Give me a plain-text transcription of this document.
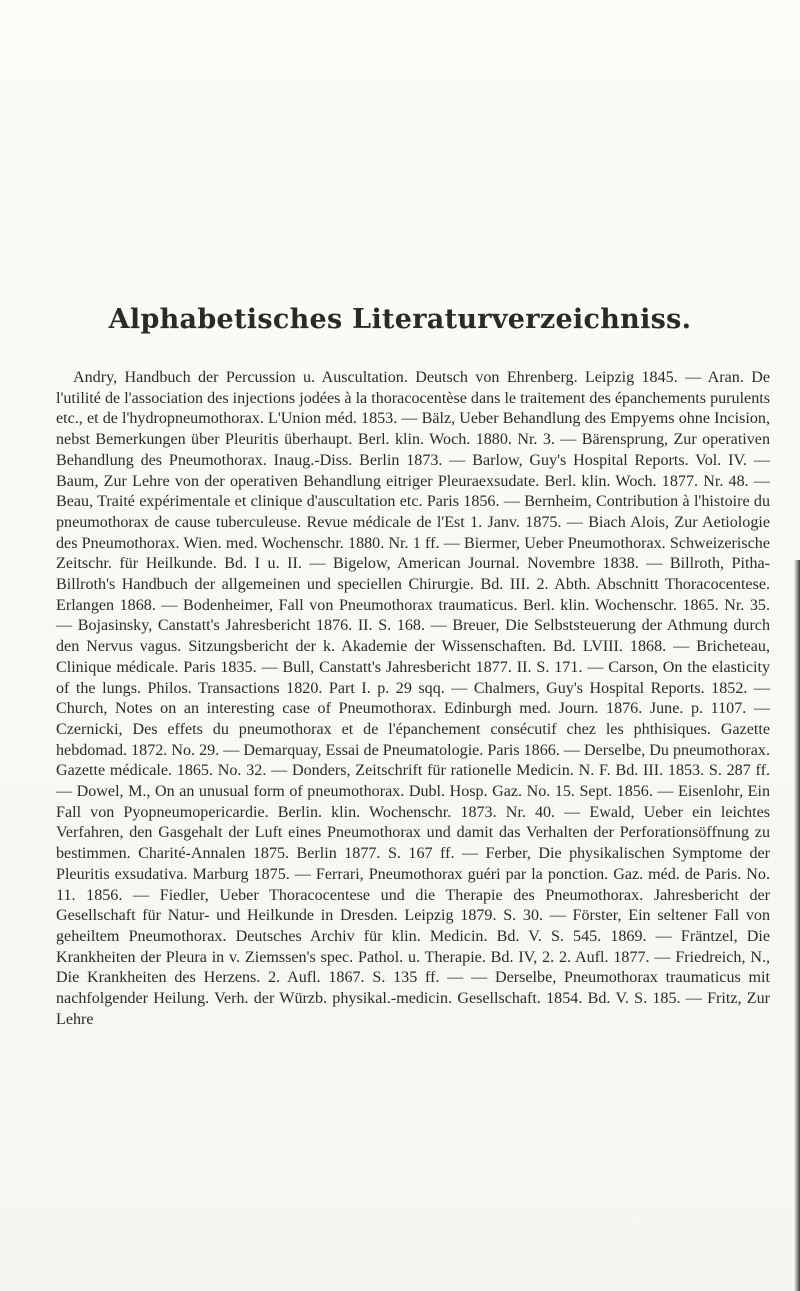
Alphabetisches Literaturverzeichniss.

Andry, Handbuch der Percussion u. Auscultation. Deutsch von Ehrenberg. Leipzig 1845. — Aran. De l'utilité de l'association des injections jodées à la thoracocentèse dans le traitement des épanchements purulents etc., et de l'hydropneumothorax. L'Union méd. 1853. — Bälz, Ueber Behandlung des Empyems ohne Incision, nebst Bemerkungen über Pleuritis überhaupt. Berl. klin. Woch. 1880. Nr. 3. — Bärensprung, Zur operativen Behandlung des Pneumothorax. Inaug.-Diss. Berlin 1873. — Barlow, Guy's Hospital Reports. Vol. IV. — Baum, Zur Lehre von der operativen Behandlung eitriger Pleuraexsudate. Berl. klin. Woch. 1877. Nr. 48. — Beau, Traité expérimentale et clinique d'auscultation etc. Paris 1856. — Bernheim, Contribution à l'histoire du pneumothorax de cause tuberculeuse. Revue médicale de l'Est 1. Janv. 1875. — Biach Alois, Zur Aetiologie des Pneumothorax. Wien. med. Wochenschr. 1880. Nr. 1 ff. — Biermer, Ueber Pneumothorax. Schweizerische Zeitschr. für Heilkunde. Bd. I u. II. — Bigelow, American Journal. Novembre 1838. — Billroth, Pitha-Billroth's Handbuch der allgemeinen und speciellen Chirurgie. Bd. III. 2. Abth. Abschnitt Thoracocentese. Erlangen 1868. — Bodenheimer, Fall von Pneumothorax traumaticus. Berl. klin. Wochenschr. 1865. Nr. 35. — Bojasinsky, Canstatt's Jahresbericht 1876. II. S. 168. — Breuer, Die Selbststeuerung der Athmung durch den Nervus vagus. Sitzungsbericht der k. Akademie der Wissenschaften. Bd. LVIII. 1868. — Bricheteau, Clinique médicale. Paris 1835. — Bull, Canstatt's Jahresbericht 1877. II. S. 171. — Carson, On the elasticity of the lungs. Philos. Transactions 1820. Part I. p. 29 sqq. — Chalmers, Guy's Hospital Reports. 1852. — Church, Notes on an interesting case of Pneumothorax. Edinburgh med. Journ. 1876. June. p. 1107. — Czernicki, Des effets du pneumothorax et de l'épanchement consécutif chez les phthisiques. Gazette hebdomad. 1872. No. 29. — Demarquay, Essai de Pneumatologie. Paris 1866. — Derselbe, Du pneumothorax. Gazette médicale. 1865. No. 32. — Donders, Zeitschrift für rationelle Medicin. N. F. Bd. III. 1853. S. 287 ff. — Dowel, M., On an unusual form of pneumothorax. Dubl. Hosp. Gaz. No. 15. Sept. 1856. — Eisenlohr, Ein Fall von Pyopneumopericardie. Berlin. klin. Wochenschr. 1873. Nr. 40. — Ewald, Ueber ein leichtes Verfahren, den Gasgehalt der Luft eines Pneumothorax und damit das Verhalten der Perforationsöffnung zu bestimmen. Charité-Annalen 1875. Berlin 1877. S. 167 ff. — Ferber, Die physikalischen Symptome der Pleuritis exsudativa. Marburg 1875. — Ferrari, Pneumothorax guéri par la ponction. Gaz. méd. de Paris. No. 11. 1856. — Fiedler, Ueber Thoracocentese und die Therapie des Pneumothorax. Jahresbericht der Gesellschaft für Natur- und Heilkunde in Dresden. Leipzig 1879. S. 30. — Förster, Ein seltener Fall von geheiltem Pneumothorax. Deutsches Archiv für klin. Medicin. Bd. V. S. 545. 1869. — Fräntzel, Die Krankheiten der Pleura in v. Ziemssen's spec. Pathol. u. Therapie. Bd. IV, 2. 2. Aufl. 1877. — Friedreich, N., Die Krankheiten des Herzens. 2. Aufl. 1867. S. 135 ff. — — Derselbe, Pneumothorax traumaticus mit nachfolgender Heilung. Verh. der Würzb. physikal.-medicin. Gesellschaft. 1854. Bd. V. S. 185. — Fritz, Zur Lehre
